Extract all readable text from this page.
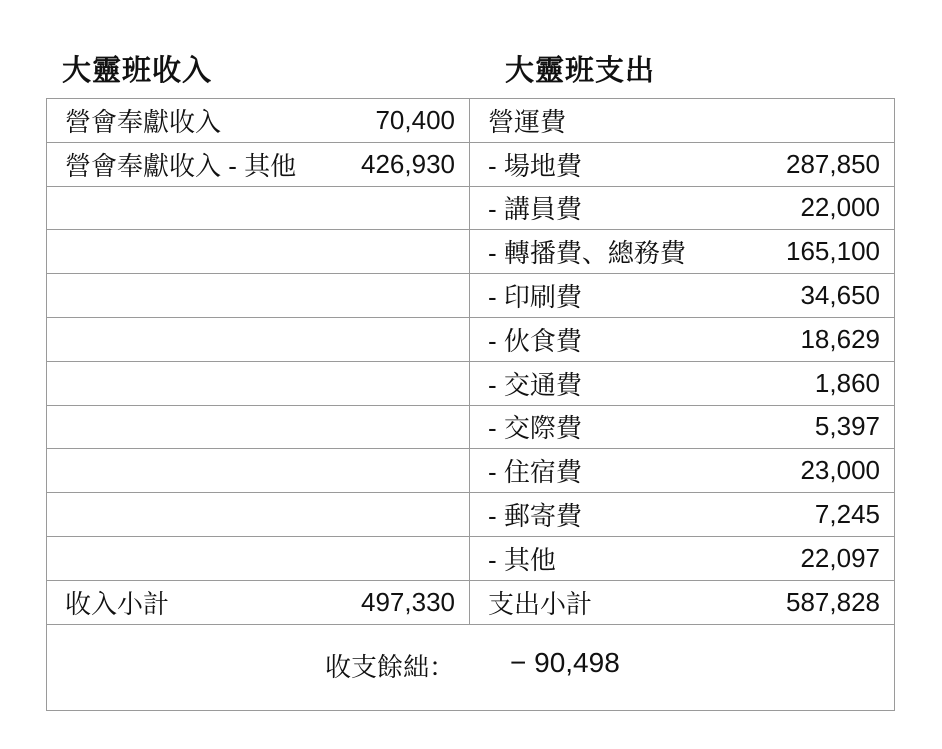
大靈班收入	大靈班支出
營會奉獻收入	70,400	營運費	
營會奉獻收入 - 其他	426,930	- 場地費	287,850
		- 講員費	22,000
		- 轉播費、總務費	165,100
		- 印刷費	34,650
		- 伙食費	18,629
		- 交通費	1,860
		- 交際費	5,397
		- 住宿費	23,000
		- 郵寄費	7,245
		- 其他	22,097
收入小計	497,330	支出小計	587,828

收支餘絀： − 90,498			
